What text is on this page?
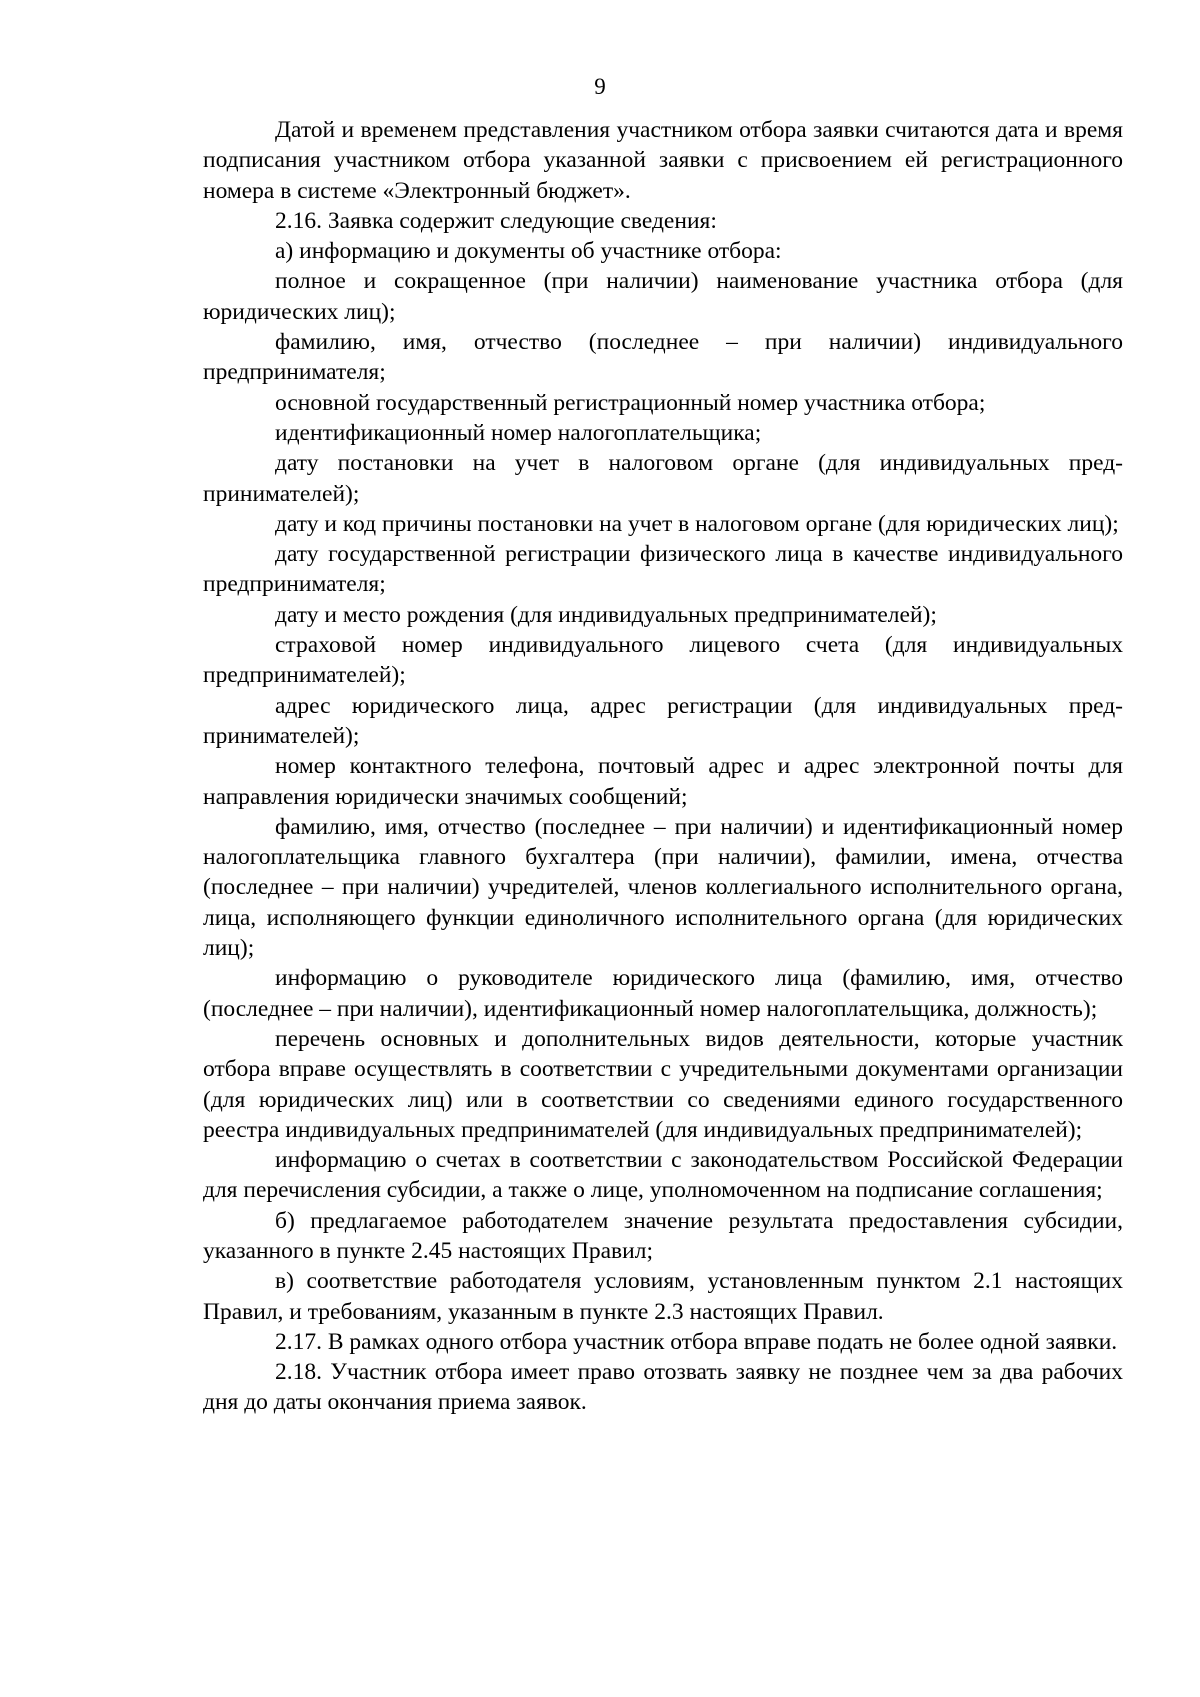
9

Датой и временем представления участником отбора заявки считаются дата и время подписания участником отбора указанной заявки с присвоением ей регистрационного номера в системе «Электронный бюджет».

2.16. Заявка содержит следующие сведения:

а) информацию и документы об участнике отбора:

полное и сокращенное (при наличии) наименование участника отбора (для юридических лиц);

фамилию, имя, отчество (последнее – при наличии) индивидуального предпринимателя;

основной государственный регистрационный номер участника отбора;

идентификационный номер налогоплательщика;

дату постановки на учет в налоговом органе (для индивидуальных предпринимателей);

дату и код причины постановки на учет в налоговом органе (для юридических лиц);

дату государственной регистрации физического лица в качестве индивидуального предпринимателя;

дату и место рождения (для индивидуальных предпринимателей);

страховой номер индивидуального лицевого счета (для индивидуальных предпринимателей);

адрес юридического лица, адрес регистрации (для индивидуальных предпринимателей);

номер контактного телефона, почтовый адрес и адрес электронной почты для направления юридически значимых сообщений;

фамилию, имя, отчество (последнее – при наличии) и идентификационный номер налогоплательщика главного бухгалтера (при наличии), фамилии, имена, отчества (последнее – при наличии) учредителей, членов коллегиального исполнительного органа, лица, исполняющего функции единоличного исполнительного органа (для юридических лиц);

информацию о руководителе юридического лица (фамилию, имя, отчество (последнее – при наличии), идентификационный номер налогоплательщика, должность);

перечень основных и дополнительных видов деятельности, которые участник отбора вправе осуществлять в соответствии с учредительными документами организации (для юридических лиц) или в соответствии со сведениями единого государственного реестра индивидуальных предпринимателей (для индивидуальных предпринимателей);

информацию о счетах в соответствии с законодательством Российской Федерации для перечисления субсидии, а также о лице, уполномоченном на подписание соглашения;

б) предлагаемое работодателем значение результата предоставления субсидии, указанного в пункте 2.45 настоящих Правил;

в) соответствие работодателя условиям, установленным пунктом 2.1 настоящих Правил, и требованиям, указанным в пункте 2.3 настоящих Правил.

2.17. В рамках одного отбора участник отбора вправе подать не более одной заявки.

2.18. Участник отбора имеет право отозвать заявку не позднее чем за два рабочих дня до даты окончания приема заявок.
